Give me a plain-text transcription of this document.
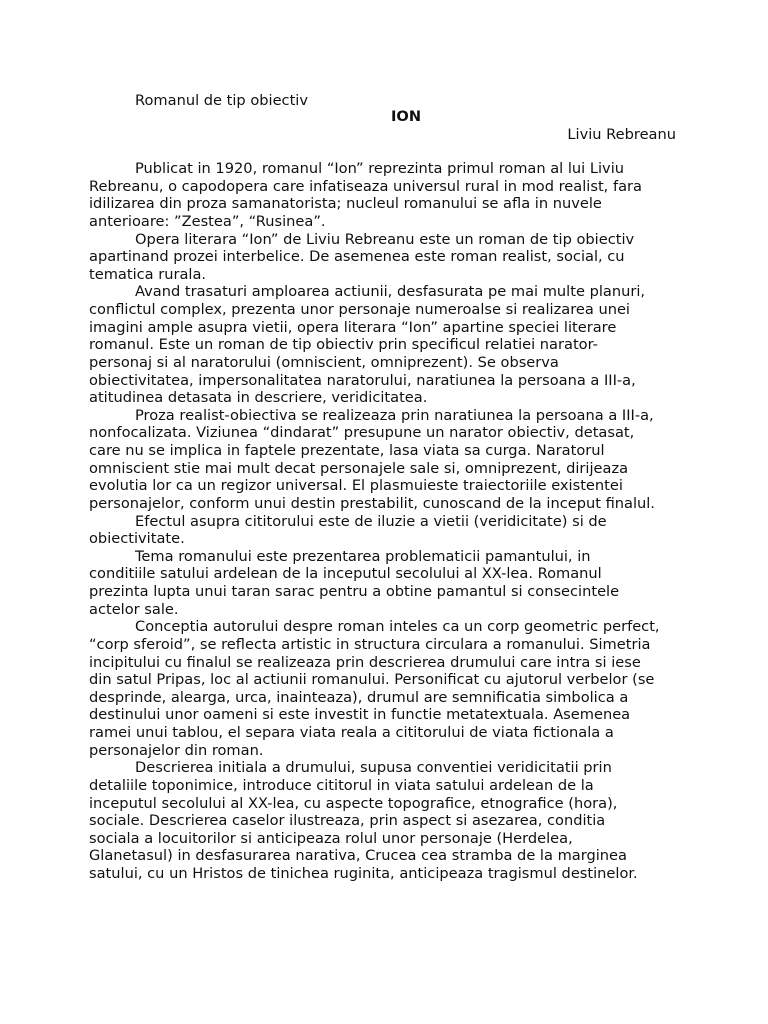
Romanul de tip obiectiv
ION
Liviu Rebreanu
Publicat in 1920, romanul “Ion” reprezinta primul roman al lui Liviu
Rebreanu, o capodopera care infatiseaza universul rural in mod realist, fara
idilizarea din proza samanatorista; nucleul romanului se afla in nuvele
anterioare: ”Zestea”, “Rusinea”.
Opera literara “Ion” de Liviu Rebreanu este un roman de tip obiectiv
apartinand prozei interbelice. De asemenea este roman realist, social, cu
tematica rurala.
Avand trasaturi amploarea actiunii, desfasurata pe mai multe planuri,
conflictul complex, prezenta unor personaje numeroalse si realizarea unei
imagini ample asupra vietii, opera literara “Ion” apartine speciei literare
romanul. Este un roman de tip obiectiv prin specificul relatiei narator-
personaj si al naratorului (omniscient, omniprezent). Se observa
obiectivitatea, impersonalitatea naratorului, naratiunea la persoana a III-a,
atitudinea detasata in descriere, veridicitatea.
Proza realist-obiectiva se realizeaza prin naratiunea la persoana a III-a,
nonfocalizata. Viziunea “dindarat” presupune un narator obiectiv, detasat,
care nu se implica in faptele prezentate, lasa viata sa curga. Naratorul
omniscient stie mai mult decat personajele sale si, omniprezent, dirijeaza
evolutia lor ca un regizor universal. El plasmuieste traiectoriile existentei
personajelor, conform unui destin prestabilit, cunoscand de la inceput finalul.
Efectul asupra cititorului este de iluzie a vietii (veridicitate) si de
obiectivitate.
Tema romanului este prezentarea problematicii pamantului, in
conditiile satului ardelean de la inceputul secolului al XX-lea. Romanul
prezinta lupta unui taran sarac pentru a obtine pamantul si consecintele
actelor sale.
Conceptia autorului despre roman inteles ca un corp geometric perfect,
“corp sferoid”, se reflecta artistic in structura circulara a romanului. Simetria
incipitului cu finalul se realizeaza prin descrierea drumului care intra si iese
din satul Pripas, loc al actiunii romanului. Personificat cu ajutorul verbelor (se
desprinde, alearga, urca, inainteaza), drumul are semnificatia simbolica a
destinului unor oameni si este investit in functie metatextuala. Asemenea
ramei unui tablou, el separa viata reala a cititorului de viata fictionala a
personajelor din roman.
Descrierea initiala a drumului, supusa conventiei veridicitatii prin
detaliile toponimice, introduce cititorul in viata satului ardelean de la
inceputul secolului al XX-lea, cu aspecte topografice, etnografice (hora),
sociale. Descrierea caselor ilustreaza, prin aspect si asezarea, conditia
sociala a locuitorilor si anticipeaza rolul unor personaje (Herdelea,
Glanetasul) in desfasurarea narativa, Crucea cea stramba de la marginea
satului, cu un Hristos de tinichea ruginita, anticipeaza tragismul destinelor.
